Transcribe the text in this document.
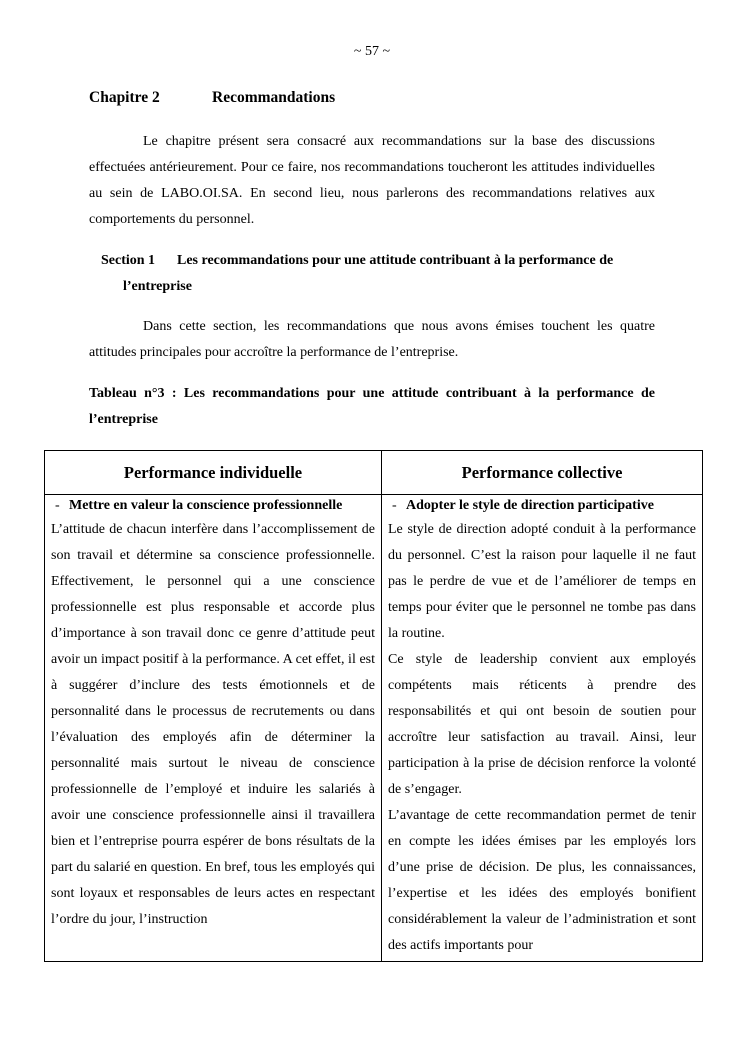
~ 57 ~
Chapitre 2	Recommandations

Le chapitre présent sera consacré aux recommandations sur la base des discussions effectuées antérieurement. Pour ce faire, nos recommandations toucheront les attitudes individuelles au sein de LABO.OI.SA. En second lieu, nous parlerons des recommandations relatives aux comportements du personnel.

Section 1 Les recommandations pour une attitude contribuant à la performance de
l’entreprise

Dans cette section, les recommandations que nous avons émises touchent les quatre attitudes principales pour accroître la performance de l’entreprise.

Tableau n°3 : Les recommandations pour une attitude contribuant à la performance de l’entreprise

Performance individuelle

- Mettre en valeur la conscience professionnelle

L’attitude de chacun interfère dans l’accomplissement de son travail et détermine sa conscience professionnelle. Effectivement, le personnel qui a une conscience professionnelle est plus responsable et accorde plus d’importance à son travail donc ce genre d’attitude peut avoir un impact positif à la performance. A cet effet, il est à suggérer d’inclure des tests émotionnels et de personnalité dans le processus de recrutements ou dans l’évaluation des employés afin de déterminer la personnalité mais surtout le niveau de conscience professionnelle de l’employé et induire les salariés à avoir une conscience professionnelle ainsi il travaillera bien et l’entreprise pourra espérer de bons résultats de la part du salarié en question. En bref, tous les employés qui sont loyaux et responsables de leurs actes en respectant l’ordre du jour, l’instruction

Performance collective

- Adopter le style de direction participative

Le style de direction adopté conduit à la performance du personnel. C’est la raison pour laquelle il ne faut pas le perdre de vue et de l’améliorer de temps en temps pour éviter que le personnel ne tombe pas dans la routine.

Ce style de leadership convient aux employés compétents mais réticents à prendre des responsabilités et qui ont besoin de soutien pour accroître leur satisfaction au travail. Ainsi, leur participation à la prise de décision renforce la volonté de s’engager.

L’avantage de cette recommandation permet de tenir en compte les idées émises par les employés lors d’une prise de décision. De plus, les connaissances, l’expertise et les idées des employés bonifient considérablement la valeur de l’administration et sont des actifs importants pour
